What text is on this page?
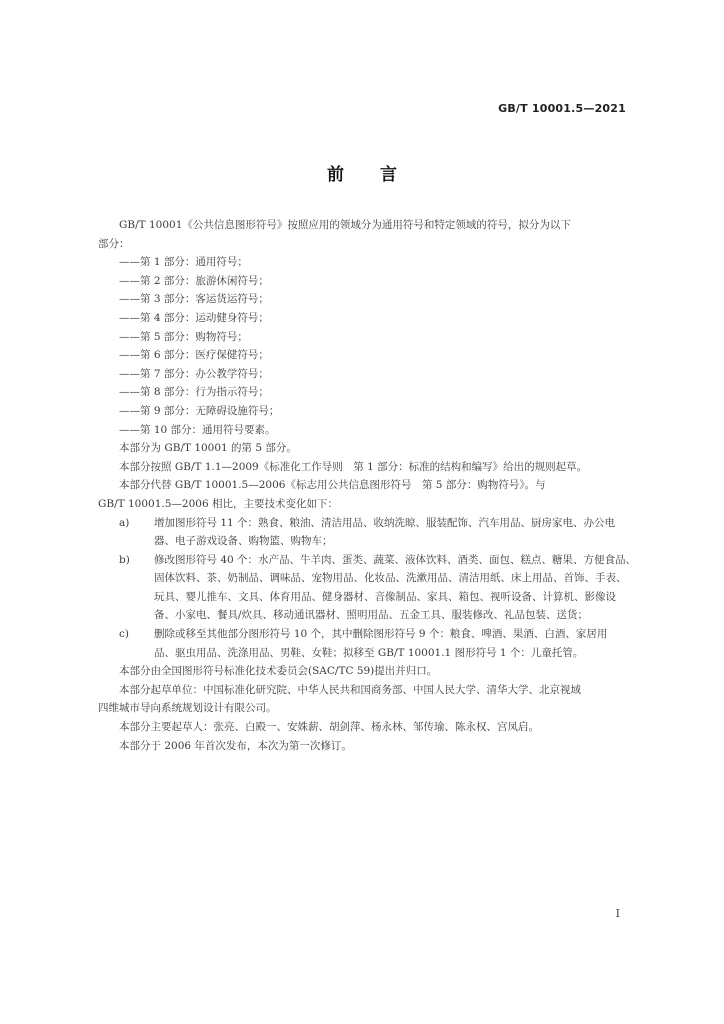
GB/T 10001.5—2021
前言

GB/T 10001《公共信息图形符号》按照应用的领域分为通用符号和特定领域的符号，拟分为以下

部分：

——第 1 部分：通用符号；

——第 2 部分：旅游休闲符号；

——第 3 部分：客运货运符号；

——第 4 部分：运动健身符号；

——第 5 部分：购物符号；

——第 6 部分：医疗保健符号；

——第 7 部分：办公教学符号；

——第 8 部分：行为指示符号；

——第 9 部分：无障碍设施符号；

——第 10 部分：通用符号要素。

本部分为 GB/T 10001 的第 5 部分。

本部分按照 GB/T 1.1—2009《标准化工作导则　第 1 部分：标准的结构和编写》给出的规则起草。

本部分代替 GB/T 10001.5—2006《标志用公共信息图形符号　第 5 部分：购物符号》。与

GB/T 10001.5—2006 相比，主要技术变化如下：

a)	增加图形符号 11 个：熟食、粮油、清洁用品、收纳洗晾、服装配饰、汽车用品、厨房家电、办公电
器、电子游戏设备、购物篮、购物车；
b)	修改图形符号 40 个：水产品、牛羊肉、蛋类、蔬菜、液体饮料、酒类、面包、糕点、糖果、方便食品、
固体饮料、茶、奶制品、调味品、宠物用品、化妆品、洗漱用品、清洁用纸、床上用品、首饰、手表、
玩具、婴儿推车、文具、体育用品、健身器材、音像制品、家具、箱包、视听设备、计算机、影像设
备、小家电、餐具/炊具、移动通讯器材、照明用品、五金工具、服装修改、礼品包装、送货；
c)	删除或移至其他部分图形符号 10 个，其中删除图形符号 9 个：粮食、啤酒、果酒、白酒、家居用
品、驱虫用品、洗涤用品、男鞋、女鞋；拟移至 GB/T 10001.1 图形符号 1 个：儿童托管。

本部分由全国图形符号标准化技术委员会(SAC/TC 59)提出并归口。

本部分起草单位：中国标准化研究院、中华人民共和国商务部、中国人民大学、清华大学、北京视域

四维城市导向系统规划设计有限公司。

本部分主要起草人：张亮、白殿一、安姝薪、胡剑萍、杨永林、邹传瑜、陈永权、宫凤启。

本部分于 2006 年首次发布，本次为第一次修订。

I
